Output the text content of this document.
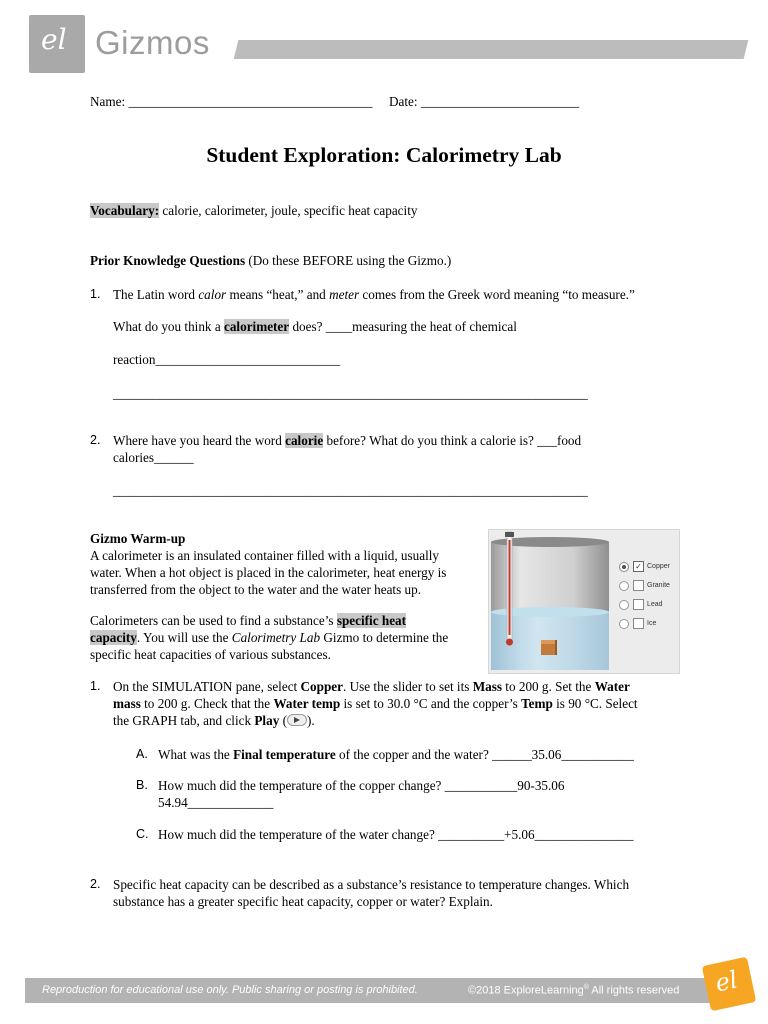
el Gizmos
Name: _____________________________________ Date: ________________________
Student Exploration: Calorimetry Lab
Vocabulary: calorie, calorimeter, joule, specific heat capacity
Prior Knowledge Questions (Do these BEFORE using the Gizmo.)
1. The Latin word calor means “heat,” and meter comes from the Greek word meaning “to measure.”
What do you think a calorimeter does? ____measuring the heat of chemical
reaction____________________________
________________________________________________________________________
2. Where have you heard the word calorie before? What do you think a calorie is? ___food
calories______
________________________________________________________________________
Gizmo Warm-up
A calorimeter is an insulated container filled with a liquid, usually
water. When a hot object is placed in the calorimeter, heat energy is
transferred from the object to the water and the water heats up.
Calorimeters can be used to find a substance’s specific heat
capacity. You will use the Calorimetry Lab Gizmo to determine the
specific heat capacities of various substances.
✓ Copper
Granite
Lead
Ice
1. On the SIMULATION pane, select Copper. Use the slider to set its Mass to 200 g. Set the Water
mass to 200 g. Check that the Water temp is set to 30.0 °C and the copper’s Temp is 90 °C. Select
the GRAPH tab, and click Play ( ).
A. What was the Final temperature of the copper and the water? ______35.06___________
B. How much did the temperature of the copper change? ___________90-35.06
54.94_____________
C. How much did the temperature of the water change? __________+5.06_______________
2. Specific heat capacity can be described as a substance’s resistance to temperature changes. Which
substance has a greater specific heat capacity, copper or water? Explain.
Reproduction for educational use only. Public sharing or posting is prohibited.	©2018 ExploreLearning® All rights reserved el
